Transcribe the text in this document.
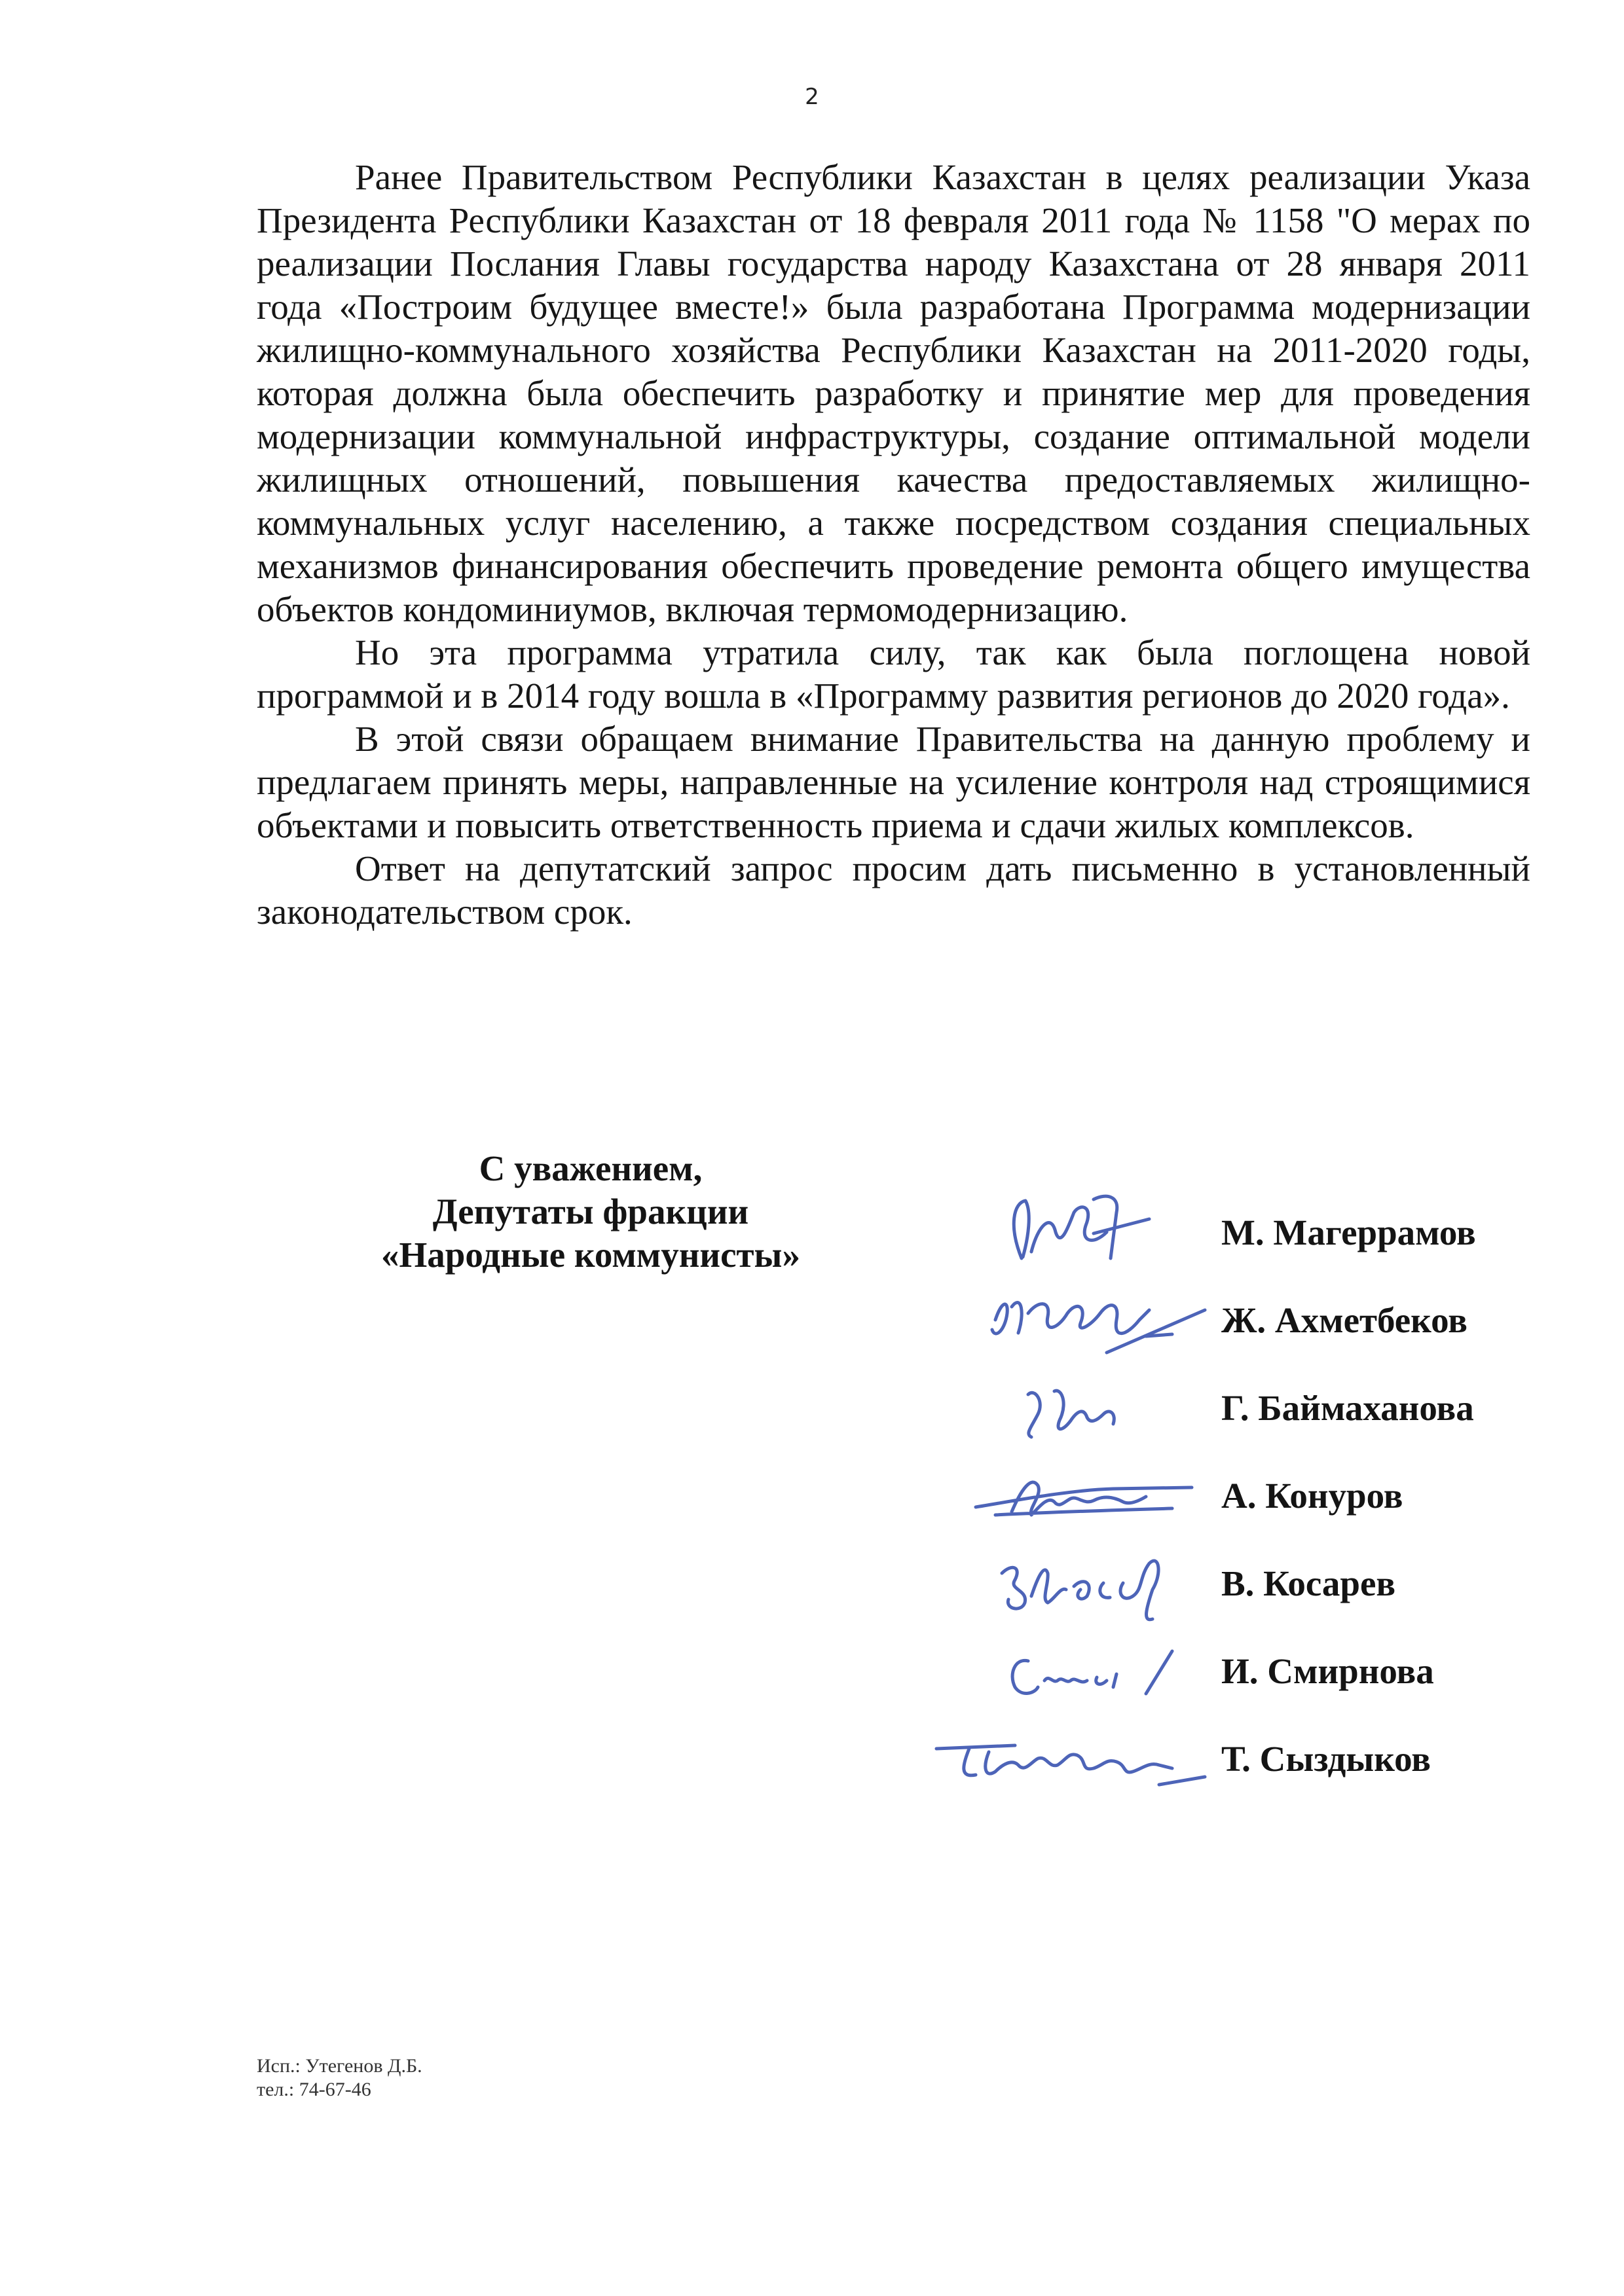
2

Ранее Правительством Республики Казахстан в целях реализации Указа Президента Республики Казахстан от 18 февраля 2011 года № 1158 "О мерах по реализации Послания Главы государства народу Казахстана от 28 января 2011 года «Построим будущее вместе!» была разработана Программа модернизации жилищно-коммунального хозяйства Республики Казахстан на 2011-2020 годы, которая должна была обеспечить разработку и принятие мер для проведения модернизации коммунальной инфраструктуры, создание оптимальной модели жилищных отношений, повышения качества предоставляемых жилищно-коммунальных услуг населению, а также посредством создания специальных механизмов финансирования обеспечить проведение ремонта общего имущества объектов кондоминиумов, включая термомодернизацию.

Но эта программа утратила силу, так как была поглощена новой программой и в 2014 году вошла в «Программу развития регионов до 2020 года».

В этой связи обращаем внимание Правительства на данную проблему и предлагаем принять меры, направленные на усиление контроля над строящимися объектами и повысить ответственность приема и сдачи жилых комплексов.

Ответ на депутатский запрос просим дать письменно в установленный законодательством срок.

С уважением,
Депутаты фракции
«Народные коммунисты»
М. Магеррамов
Ж. Ахметбеков
Г. Баймаханова
А. Конуров
В. Косарев
И. Смирнова
Т. Сыздыков
Исп.: Утегенов Д.Б.
тел.: 74-67-46
